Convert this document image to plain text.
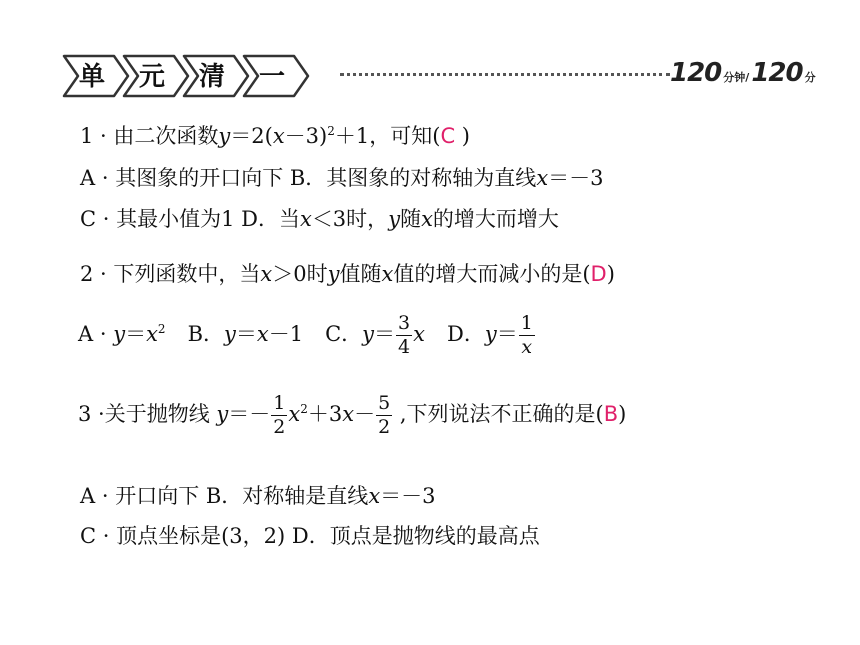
单 元 清 一	120 分钟/ 120 分
1 · 由二次函数$y=2(x-3)^2+1$，可知(C )
A · 其图象的开口向下 B．其图象的对称轴为直线x＝－3
C · 其最小值为1 D．当x＜3时，y随x的增大而增大
2 · 下列函数中，当x＞0时y值随x值的增大而减小的是(D)
$A \cdot y=x^2$ B．y＝x－1 C．$y= \frac{3}{4}$ x D．$y= \frac{1}{x}$
3 ·关于抛物线 $y=- \frac{1}{2} x^2+3x- \frac{5}{2}$ ,下列说法不正确的是(B)
A · 开口向下 B．对称轴是直线x＝－3
C · 顶点坐标是(3，2) D．顶点是抛物线的最高点
